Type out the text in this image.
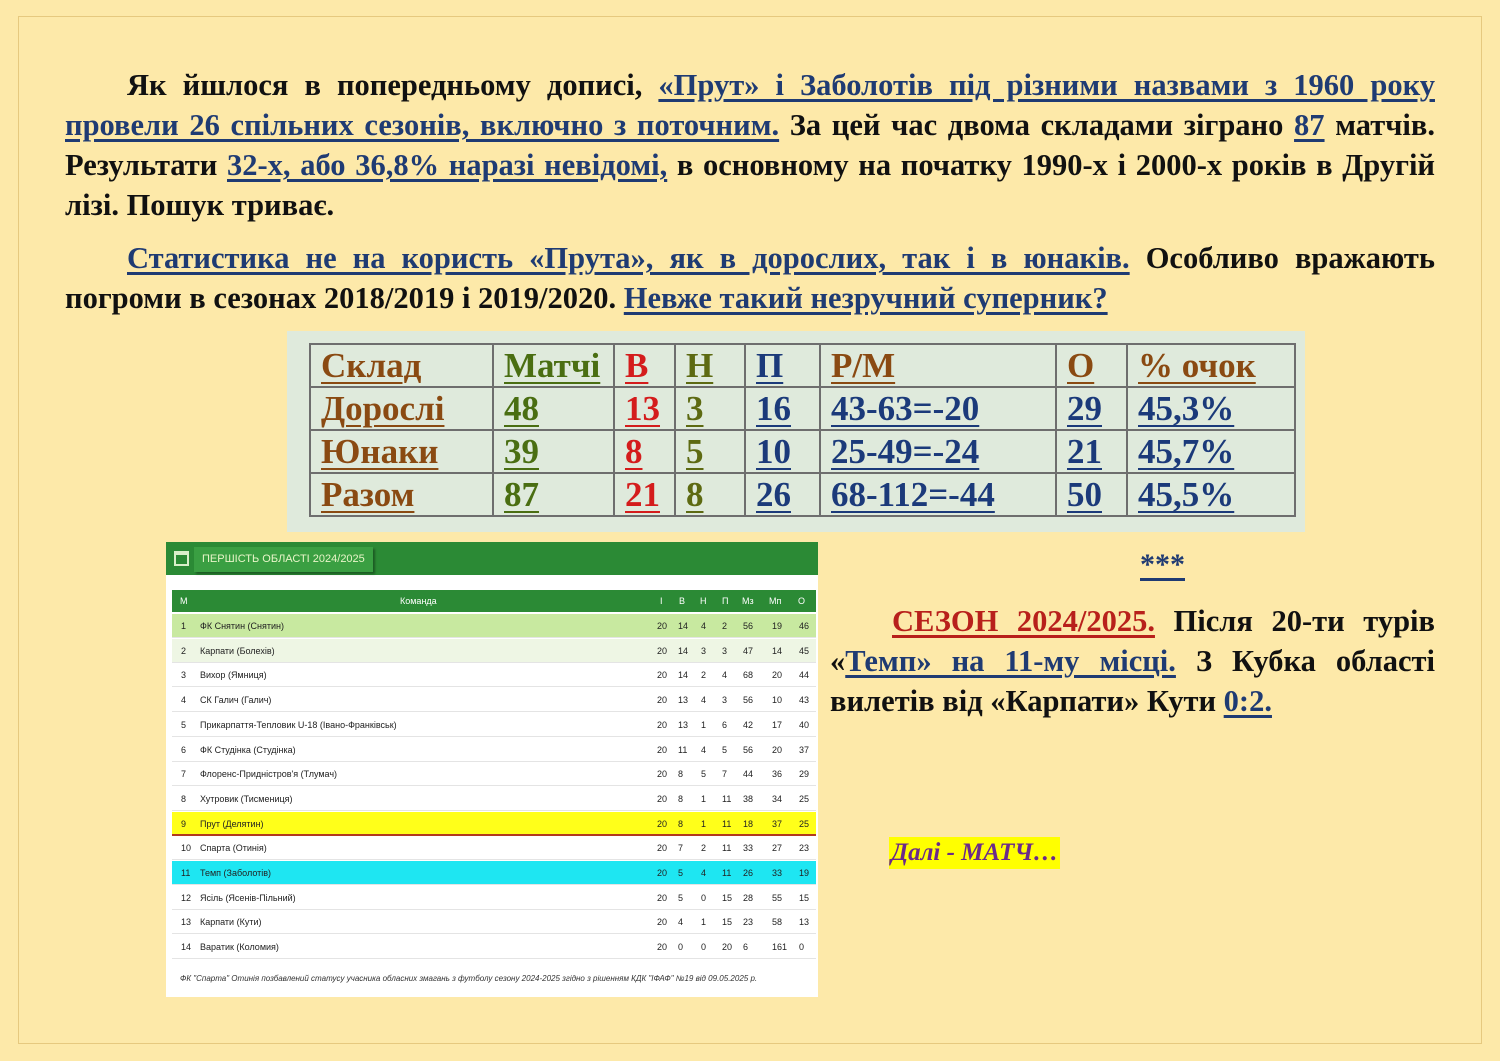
Як йшлося в попередньому дописі, «Прут» і Заболотів під різними назвами з 1960 року провели 26 спільних сезонів, включно з поточним. За цей час двома складами зіграно 87 матчів. Результати 32-х, або 36,8% наразі невідомі, в основному на початку 1990-х і 2000-х років в Другій лізі. Пошук триває.
Статистика не на користь «Прута», як в дорослих, так і в юнаків. Особливо вражають погроми в сезонах 2018/2019 і 2019/2020. Невже такий незручний суперник?
Склад	Матчі	В	Н	П	Р/М	О	% очок
Дорослі	48	13	3	16	43-63=-20	29	45,3%
Юнаки	39	8	5	10	25-49=-24	21	45,7%
Разом	87	21	8	26	68-112=-44	50	45,5%
ПЕРШІСТЬ ОБЛАСТІ 2024/2025
М	Команда	І В Н П Мз Мп О
1 ФК Снятин (Снятин)	20 14 4 2 56 19 46
2 Карпати (Болехів)	20 14 3 3 47 14 45
3 Вихор (Ямниця)	20 14 2 4 68 20 44
4 СК Галич (Галич)	20 13 4 3 56 10 43
5 Прикарпаття-Тепловик U-18 (Івано-Франківськ)	20 13 1 6 42 17 40
6 ФК Студінка (Студінка)	20 11 4 5 56 20 37
7 Флоренс-Придністров'я (Тлумач)	20 8 5 7 44 36 29
8 Хутровик (Тисмениця)	20 8 1 11 38 34 25
9 Прут (Делятин)	20 8 1 11 18 37 25
10 Спарта (Отинія)	20 7 2 11 33 27 23
11 Темп (Заболотів)	20 5 4 11 26 33 19
12 Ясіль (Ясенів-Пільний)	20 5 0 15 28 55 15
13 Карпати (Кути)	20 4 1 15 23 58 13
14 Варатик (Коломия)	20 0 0 20 6	161 0
ФК "Спарта" Отинія позбавлений статусу учасника обласних змагань з футболу сезону 2024-2025 згідно з рішенням КДК "ІФАФ" №19 від 09.05.2025 р.
***
СЕЗОН 2024/2025. Після 20-ти турів «Темп» на 11-му місці. З Кубка області вилетів від «Карпати» Кути 0:2.
Далі - МАТЧ…
